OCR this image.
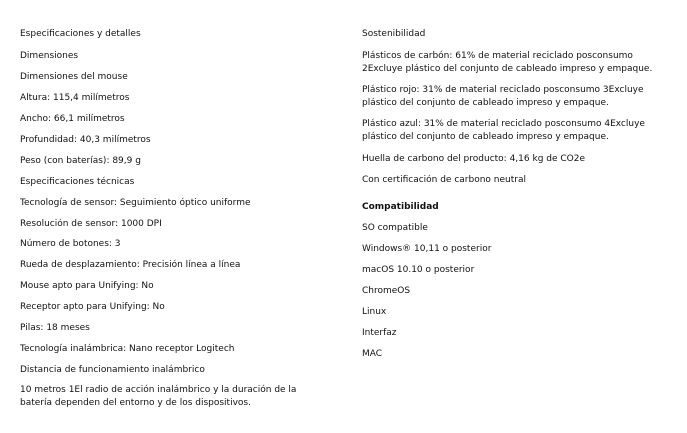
Especificaciones y detalles
Dimensiones
Dimensiones del mouse
Altura: 115,4 milímetros
Ancho: 66,1 milímetros
Profundidad: 40,3 milímetros
Peso (con baterías): 89,9 g
Especificaciones técnicas
Tecnología de sensor: Seguimiento óptico uniforme
Resolución de sensor: 1000 DPI
Número de botones: 3
Rueda de desplazamiento: Precisión línea a línea
Mouse apto para Unifying: No
Receptor apto para Unifying: No
Pilas: 18 meses
Tecnología inalámbrica: Nano receptor Logitech
Distancia de funcionamiento inalámbrico
10 metros 1El radio de acción inalámbrico y la duración de la batería dependen del entorno y de los dispositivos.
Sostenibilidad
Plásticos de carbón: 61% de material reciclado posconsumo 2Excluye plástico del conjunto de cableado impreso y empaque.
Plástico rojo: 31% de material reciclado posconsumo 3Excluye plástico del conjunto de cableado impreso y empaque.
Plástico azul: 31% de material reciclado posconsumo 4Excluye plástico del conjunto de cableado impreso y empaque.
Huella de carbono del producto: 4,16 kg de CO2e
Con certificación de carbono neutral
Compatibilidad
SO compatible
Windows® 10,11 o posterior
macOS 10.10 o posterior
ChromeOS
Linux
Interfaz
MAC
